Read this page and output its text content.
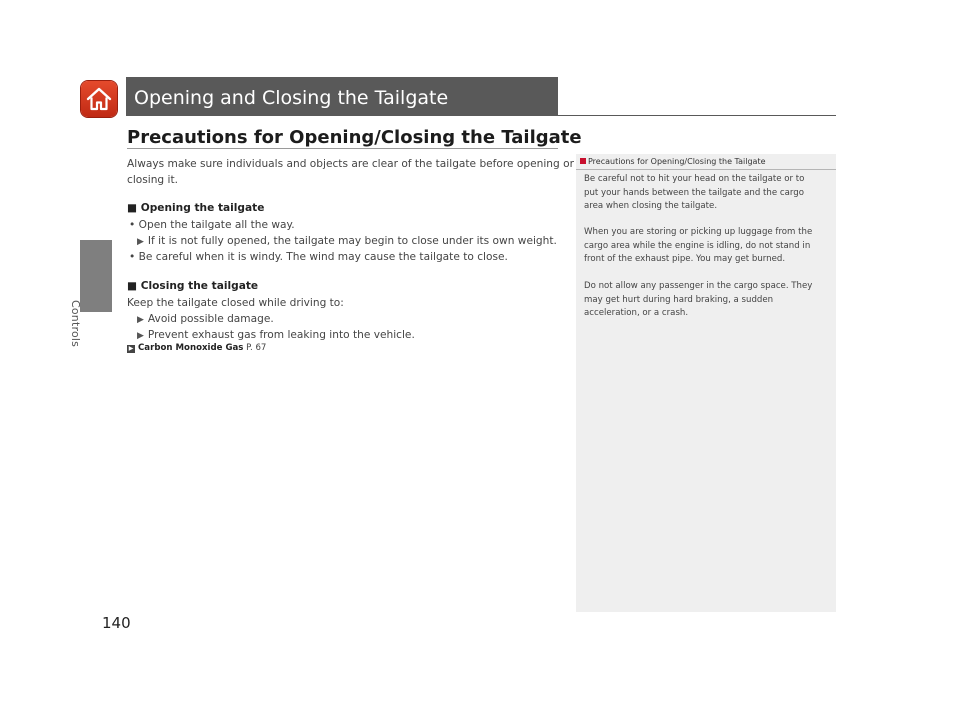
Controls
Opening and Closing the Tailgate
Precautions for Opening/Closing the Tailgate
Always make sure individuals and objects are clear of the tailgate before opening or
closing it.
■ Opening the tailgate
• Open the tailgate all the way.
▶ If it is not fully opened, the tailgate may begin to close under its own weight.
• Be careful when it is windy. The wind may cause the tailgate to close.
■ Closing the tailgate
Keep the tailgate closed while driving to:
▶ Avoid possible damage.
▶ Prevent exhaust gas from leaking into the vehicle.
▶ Carbon Monoxide Gas P. 67
Precautions for Opening/Closing the Tailgate
Be careful not to hit your head on the tailgate or to
put your hands between the tailgate and the cargo
area when closing the tailgate.
When you are storing or picking up luggage from the
cargo area while the engine is idling, do not stand in
front of the exhaust pipe. You may get burned.
Do not allow any passenger in the cargo space. They
may get hurt during hard braking, a sudden
acceleration, or a crash.
140
